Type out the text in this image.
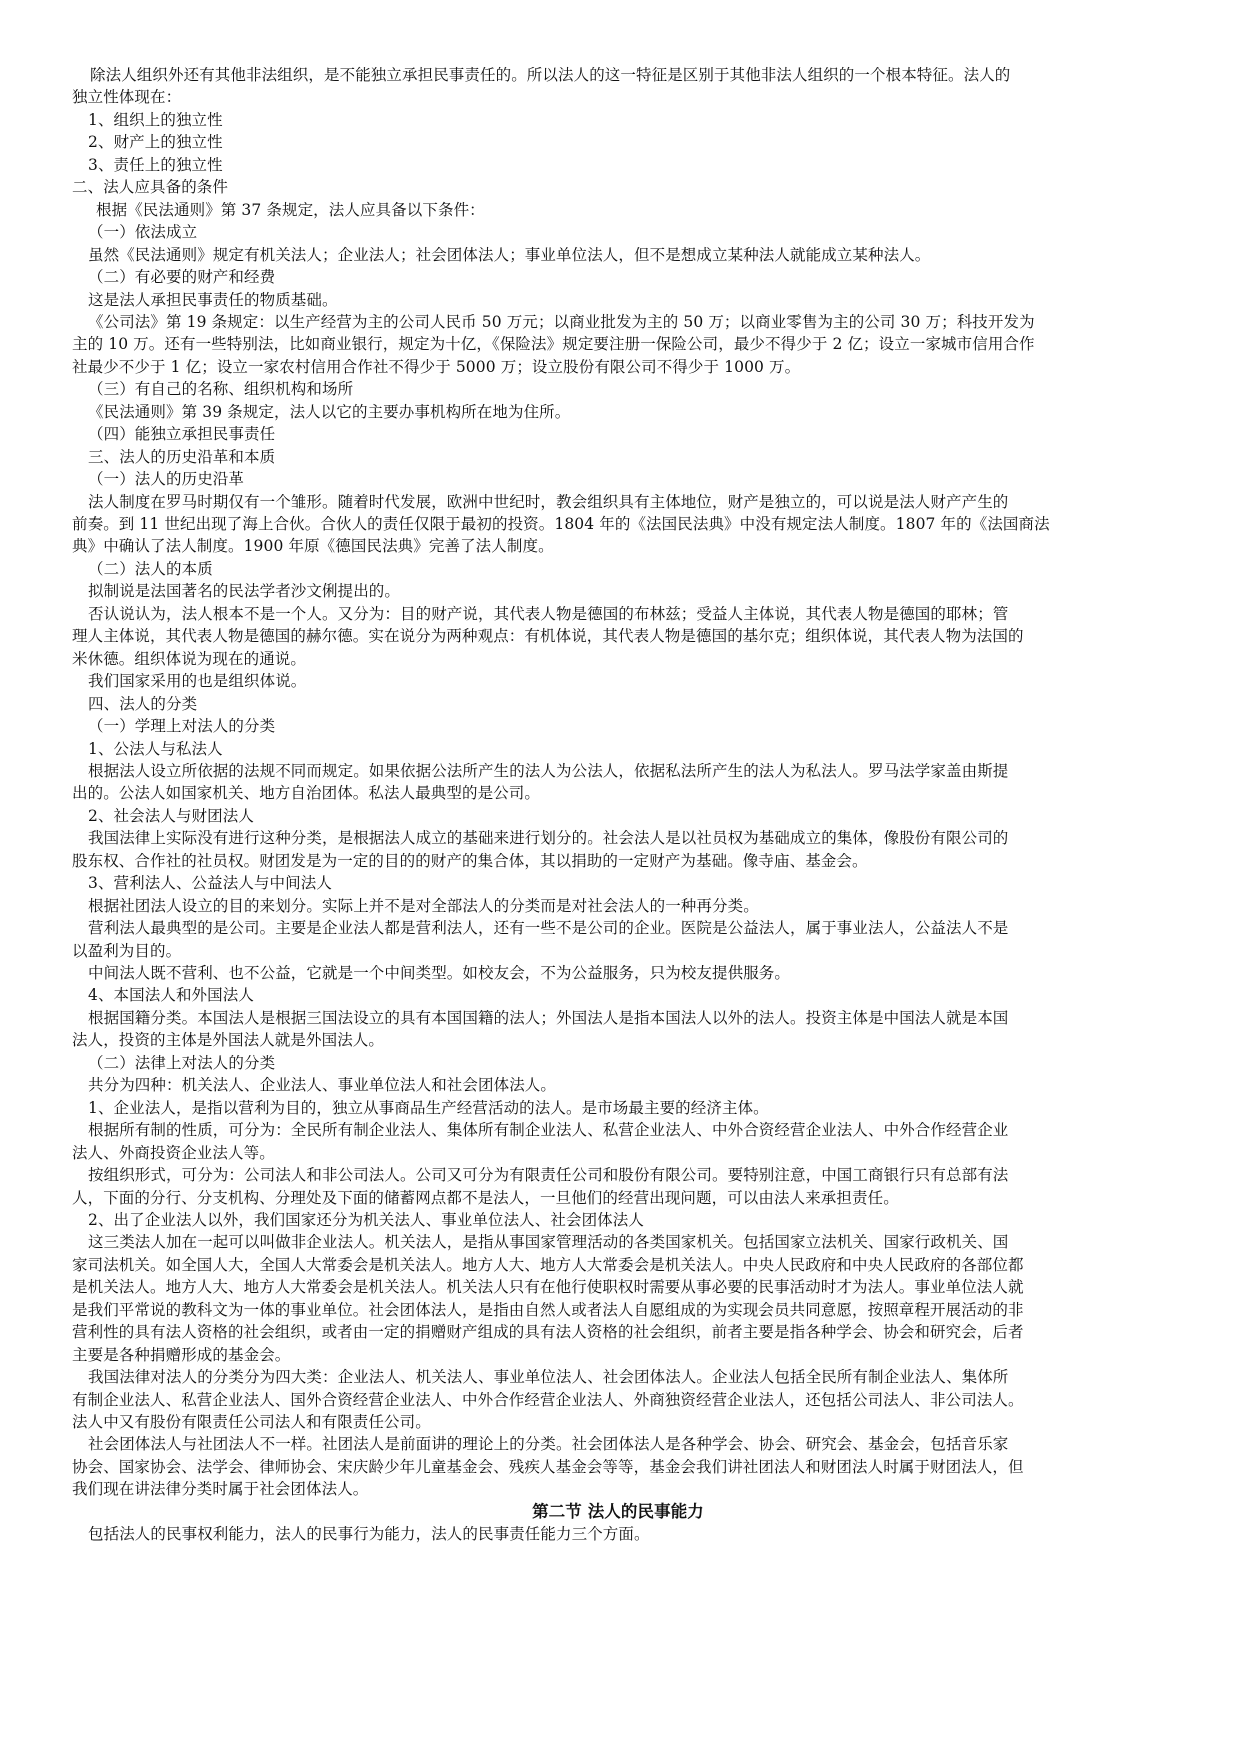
除法人组织外还有其他非法组织，是不能独立承担民事责任的。所以法人的这一特征是区别于其他非法人组织的一个根本特征。法人的
独立性体现在：
1、组织上的独立性
2、财产上的独立性
3、责任上的独立性
二、法人应具备的条件
根据《民法通则》第 37 条规定，法人应具备以下条件：
（一）依法成立
虽然《民法通则》规定有机关法人；企业法人；社会团体法人；事业单位法人，但不是想成立某种法人就能成立某种法人。
（二）有必要的财产和经费
这是法人承担民事责任的物质基础。
《公司法》第 19 条规定：以生产经营为主的公司人民币 50 万元；以商业批发为主的 50 万；以商业零售为主的公司 30 万；科技开发为
主的 10 万。还有一些特别法，比如商业银行，规定为十亿，《保险法》规定要注册一保险公司，最少不得少于 2 亿；设立一家城市信用合作
社最少不少于 1 亿；设立一家农村信用合作社不得少于 5000 万；设立股份有限公司不得少于 1000 万。
（三）有自己的名称、组织机构和场所
《民法通则》第 39 条规定，法人以它的主要办事机构所在地为住所。
（四）能独立承担民事责任
三、法人的历史沿革和本质
（一）法人的历史沿革
法人制度在罗马时期仅有一个雏形。随着时代发展，欧洲中世纪时，教会组织具有主体地位，财产是独立的，可以说是法人财产产生的
前奏。到 11 世纪出现了海上合伙。合伙人的责任仅限于最初的投资。1804 年的《法国民法典》中没有规定法人制度。1807 年的《法国商法
典》中确认了法人制度。1900 年原《德国民法典》完善了法人制度。
（二）法人的本质
拟制说是法国著名的民法学者沙文俐提出的。
否认说认为，法人根本不是一个人。又分为：目的财产说，其代表人物是德国的布林兹；受益人主体说，其代表人物是德国的耶林；管
理人主体说，其代表人物是德国的赫尔德。实在说分为两种观点：有机体说，其代表人物是德国的基尔克；组织体说，其代表人物为法国的
米休德。组织体说为现在的通说。
我们国家采用的也是组织体说。
四、法人的分类
（一）学理上对法人的分类
1、公法人与私法人
根据法人设立所依据的法规不同而规定。如果依据公法所产生的法人为公法人，依据私法所产生的法人为私法人。罗马法学家盖由斯提
出的。公法人如国家机关、地方自治团体。私法人最典型的是公司。
2、社会法人与财团法人
我国法律上实际没有进行这种分类，是根据法人成立的基础来进行划分的。社会法人是以社员权为基础成立的集体，像股份有限公司的
股东权、合作社的社员权。财团发是为一定的目的的财产的集合体，其以捐助的一定财产为基础。像寺庙、基金会。
3、营利法人、公益法人与中间法人
根据社团法人设立的目的来划分。实际上并不是对全部法人的分类而是对社会法人的一种再分类。
营利法人最典型的是公司。主要是企业法人都是营利法人，还有一些不是公司的企业。医院是公益法人，属于事业法人，公益法人不是
以盈利为目的。
中间法人既不营利、也不公益，它就是一个中间类型。如校友会，不为公益服务，只为校友提供服务。
4、本国法人和外国法人
根据国籍分类。本国法人是根据三国法设立的具有本国国籍的法人；外国法人是指本国法人以外的法人。投资主体是中国法人就是本国
法人，投资的主体是外国法人就是外国法人。
（二）法律上对法人的分类
共分为四种：机关法人、企业法人、事业单位法人和社会团体法人。
1、企业法人，是指以营利为目的，独立从事商品生产经营活动的法人。是市场最主要的经济主体。
根据所有制的性质，可分为：全民所有制企业法人、集体所有制企业法人、私营企业法人、中外合资经营企业法人、中外合作经营企业
法人、外商投资企业法人等。
按组织形式，可分为：公司法人和非公司法人。公司又可分为有限责任公司和股份有限公司。要特别注意，中国工商银行只有总部有法
人，下面的分行、分支机构、分理处及下面的储蓄网点都不是法人，一旦他们的经营出现问题，可以由法人来承担责任。
2、出了企业法人以外，我们国家还分为机关法人、事业单位法人、社会团体法人
这三类法人加在一起可以叫做非企业法人。机关法人，是指从事国家管理活动的各类国家机关。包括国家立法机关、国家行政机关、国
家司法机关。如全国人大，全国人大常委会是机关法人。地方人大、地方人大常委会是机关法人。中央人民政府和中央人民政府的各部位都
是机关法人。地方人大、地方人大常委会是机关法人。机关法人只有在他行使职权时需要从事必要的民事活动时才为法人。事业单位法人就
是我们平常说的教科文为一体的事业单位。社会团体法人，是指由自然人或者法人自愿组成的为实现会员共同意愿，按照章程开展活动的非
营利性的具有法人资格的社会组织，或者由一定的捐赠财产组成的具有法人资格的社会组织，前者主要是指各种学会、协会和研究会，后者
主要是各种捐赠形成的基金会。
我国法律对法人的分类分为四大类：企业法人、机关法人、事业单位法人、社会团体法人。企业法人包括全民所有制企业法人、集体所
有制企业法人、私营企业法人、国外合资经营企业法人、中外合作经营企业法人、外商独资经营企业法人，还包括公司法人、非公司法人。
法人中又有股份有限责任公司法人和有限责任公司。
社会团体法人与社团法人不一样。社团法人是前面讲的理论上的分类。社会团体法人是各种学会、协会、研究会、基金会，包括音乐家
协会、国家协会、法学会、律师协会、宋庆龄少年儿童基金会、残疾人基金会等等，基金会我们讲社团法人和财团法人时属于财团法人，但
我们现在讲法律分类时属于社会团体法人。
第二节 法人的民事能力
包括法人的民事权利能力，法人的民事行为能力，法人的民事责任能力三个方面。
